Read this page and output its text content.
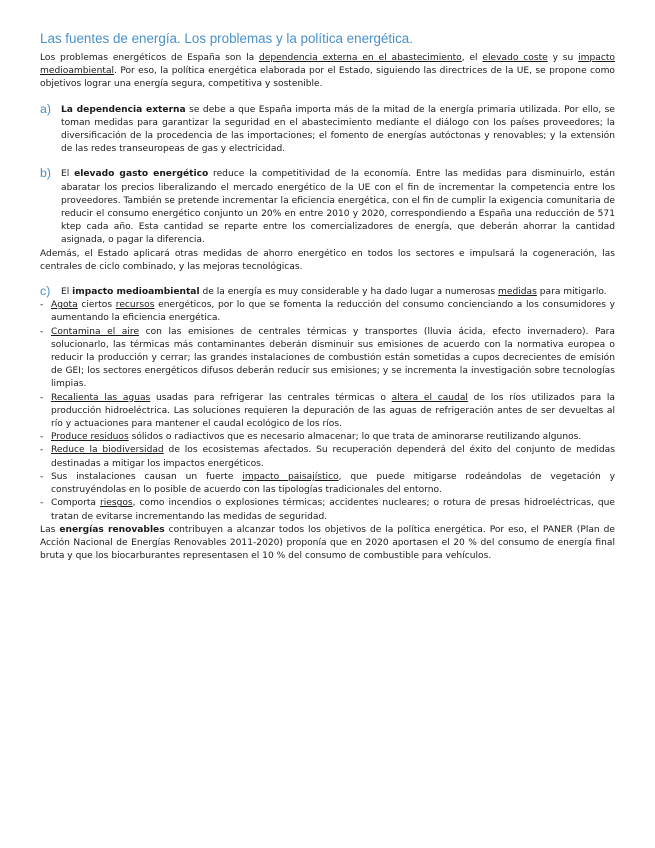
Las fuentes de energía. Los problemas y la política energética.

Los problemas energéticos de España son la dependencia externa en el abastecimiento, el elevado coste y su impacto medioambiental. Por eso, la política energética elaborada por el Estado, siguiendo las directrices de la UE, se propone como objetivos lograr una energía segura, competitiva y sostenible.

a) La dependencia externa se debe a que España importa más de la mitad de la energía primaria utilizada. Por ello, se toman medidas para garantizar la seguridad en el abastecimiento mediante el diálogo con los países proveedores; la diversificación de la procedencia de las importaciones; el fomento de energías autóctonas y renovables; y la extensión de las redes transeuropeas de gas y electricidad.

b) El elevado gasto energético reduce la competitividad de la economía. Entre las medidas para disminuirlo, están abaratar los precios liberalizando el mercado energético de la UE con el fin de incrementar la competencia entre los proveedores. También se pretende incrementar la eficiencia energética, con el fin de cumplir la exigencia comunitaria de reducir el consumo energético conjunto un 20% en entre 2010 y 2020, correspondiendo a España una reducción de 571 ktep cada año. Esta cantidad se reparte entre los comercializadores de energía, que deberán ahorrar la cantidad asignada, o pagar la diferencia.

Además, el Estado aplicará otras medidas de ahorro energético en todos los sectores e impulsará la cogeneración, las centrales de ciclo combinado, y las mejoras tecnológicas.

c) El impacto medioambiental de la energía es muy considerable y ha dado lugar a numerosas medidas para mitigarlo.

- Agota ciertos recursos energéticos, por lo que se fomenta la reducción del consumo concienciando a los consumidores y aumentando la eficiencia energética.

- Contamina el aire con las emisiones de centrales térmicas y transportes (lluvia ácida, efecto invernadero). Para solucionarlo, las térmicas más contaminantes deberán disminuir sus emisiones de acuerdo con la normativa europea o reducir la producción y cerrar; las grandes instalaciones de combustión están sometidas a cupos decrecientes de emisión de GEI; los sectores energéticos difusos deberán reducir sus emisiones; y se incrementa la investigación sobre tecnologías limpias.

- Recalienta las aguas usadas para refrigerar las centrales térmicas o altera el caudal de los ríos utilizados para la producción hidroeléctrica. Las soluciones requieren la depuración de las aguas de refrigeración antes de ser devueltas al río y actuaciones para mantener el caudal ecológico de los ríos.

- Produce residuos sólidos o radiactivos que es necesario almacenar; lo que trata de aminorarse reutilizando algunos.

- Reduce la biodiversidad de los ecosistemas afectados. Su recuperación dependerá del éxito del conjunto de medidas destinadas a mitigar los impactos energéticos.

- Sus instalaciones causan un fuerte impacto paisajístico, que puede mitigarse rodeándolas de vegetación y construyéndolas en lo posible de acuerdo con las tipologías tradicionales del entorno.

- Comporta riesgos, como incendios o explosiones térmicas; accidentes nucleares; o rotura de presas hidroeléctricas, que tratan de evitarse incrementando las medidas de seguridad.

Las energías renovables contribuyen a alcanzar todos los objetivos de la política energética. Por eso, el PANER (Plan de Acción Nacional de Energías Renovables 2011-2020) proponía que en 2020 aportasen el 20 % del consumo de energía final bruta y que los biocarburantes representasen el 10 % del consumo de combustible para vehículos.
